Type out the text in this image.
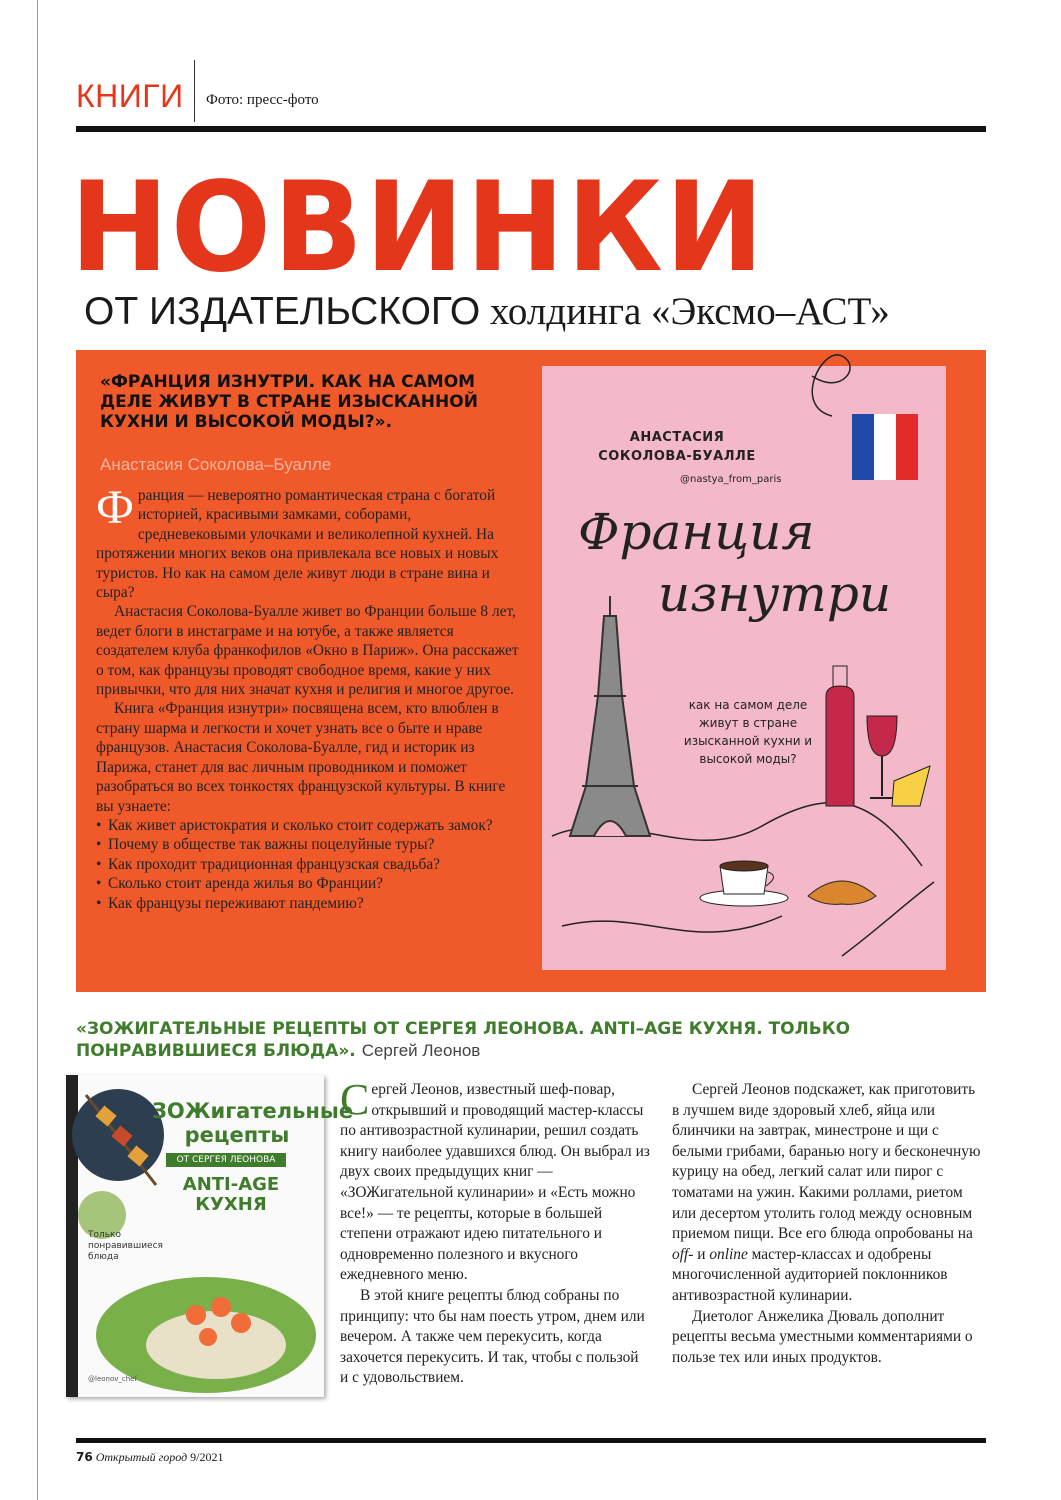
КНИГИ Фото: пресс-фото
НОВИНКИ
ОТ ИЗДАТЕЛЬСКОГО холдинга «Эксмо–АСТ»
«ФРАНЦИЯ ИЗНУТРИ. КАК НА САМОМ ДЕЛЕ ЖИВУТ В СТРАНЕ ИЗЫСКАННОЙ КУХНИ И ВЫСОКОЙ МОДЫ?».
Анастасия Соколова–Буалле

Франция — невероятно романтическая страна с богатой историей, красивыми замками, соборами, средневековыми улочками и великолепной кухней. На протяжении многих веков она привлекала все новых и новых туристов. Но как на самом деле живут люди в стране вина и сыра?

Анастасия Соколова-Буалле живет во Франции больше 8 лет, ведет блоги в инстаграме и на ютубе, а также является создателем клуба франкофилов «Окно в Париж». Она расскажет о том, как французы проводят свободное время, какие у них привычки, что для них значат кухня и религия и многое другое.

Книга «Франция изнутри» посвящена всем, кто влюблен в страну шарма и легкости и хочет узнать все о быте и нраве французов. Анастасия Соколова-Буалле, гид и историк из Парижа, станет для вас личным проводником и поможет разобраться во всех тонкостях французской культуры. В книге вы узнаете:

• Как живет аристократия и сколько стоит содержать замок?
• Почему в обществе так важны поцелуйные туры?
• Как проходит традиционная французская свадьба?
• Сколько стоит аренда жилья во Франции?
• Как французы переживают пандемию?
АНАСТАСИЯ
СОКОЛОВА-БУАЛЛЕ
@nastya_from_paris
Франция
изнутри
как на самом деле живут в стране изысканной кухни и высокой моды?
«ЗОЖИГАТЕЛЬНЫЕ РЕЦЕПТЫ ОТ СЕРГЕЯ ЛЕОНОВА. ANTI–AGE КУХНЯ. ТОЛЬКО ПОНРАВИВШИЕСЯ БЛЮДА». Сергей Леонов
ЗОЖигательные рецепты
ОТ СЕРГЕЯ ЛЕОНОВА
ANTI-AGE КУХНЯ
Только понравившиеся блюда
@leonov_chef

Сергей Леонов, известный шеф-повар, открывший и проводящий мастер-классы по антивозрастной кулинарии, решил создать книгу наиболее удавшихся блюд. Он выбрал из двух своих предыдущих книг — «ЗОЖигательной кулинарии» и «Есть можно все!» — те рецепты, которые в большей степени отражают идею питательного и одновременно полезного и вкусного ежедневного меню.

В этой книге рецепты блюд собраны по принципу: что бы нам поесть утром, днем или вечером. А также чем перекусить, когда захочется перекусить. И так, чтобы с пользой и с удовольствием.

Сергей Леонов подскажет, как приготовить в лучшем виде здоровый хлеб, яйца или блинчики на завтрак, минестроне и щи с белыми грибами, баранью ногу и бесконечную курицу на обед, легкий салат или пирог с томатами на ужин. Какими роллами, риетом или десертом утолить голод между основным приемом пищи. Все его блюда опробованы на off- и online мастер-классах и одобрены многочисленной аудиторией поклонников антивозрастной кулинарии.

Диетолог Анжелика Дюваль дополнит рецепты весьма уместными комментариями о пользе тех или иных продуктов.

76 Открытый город 9/2021
